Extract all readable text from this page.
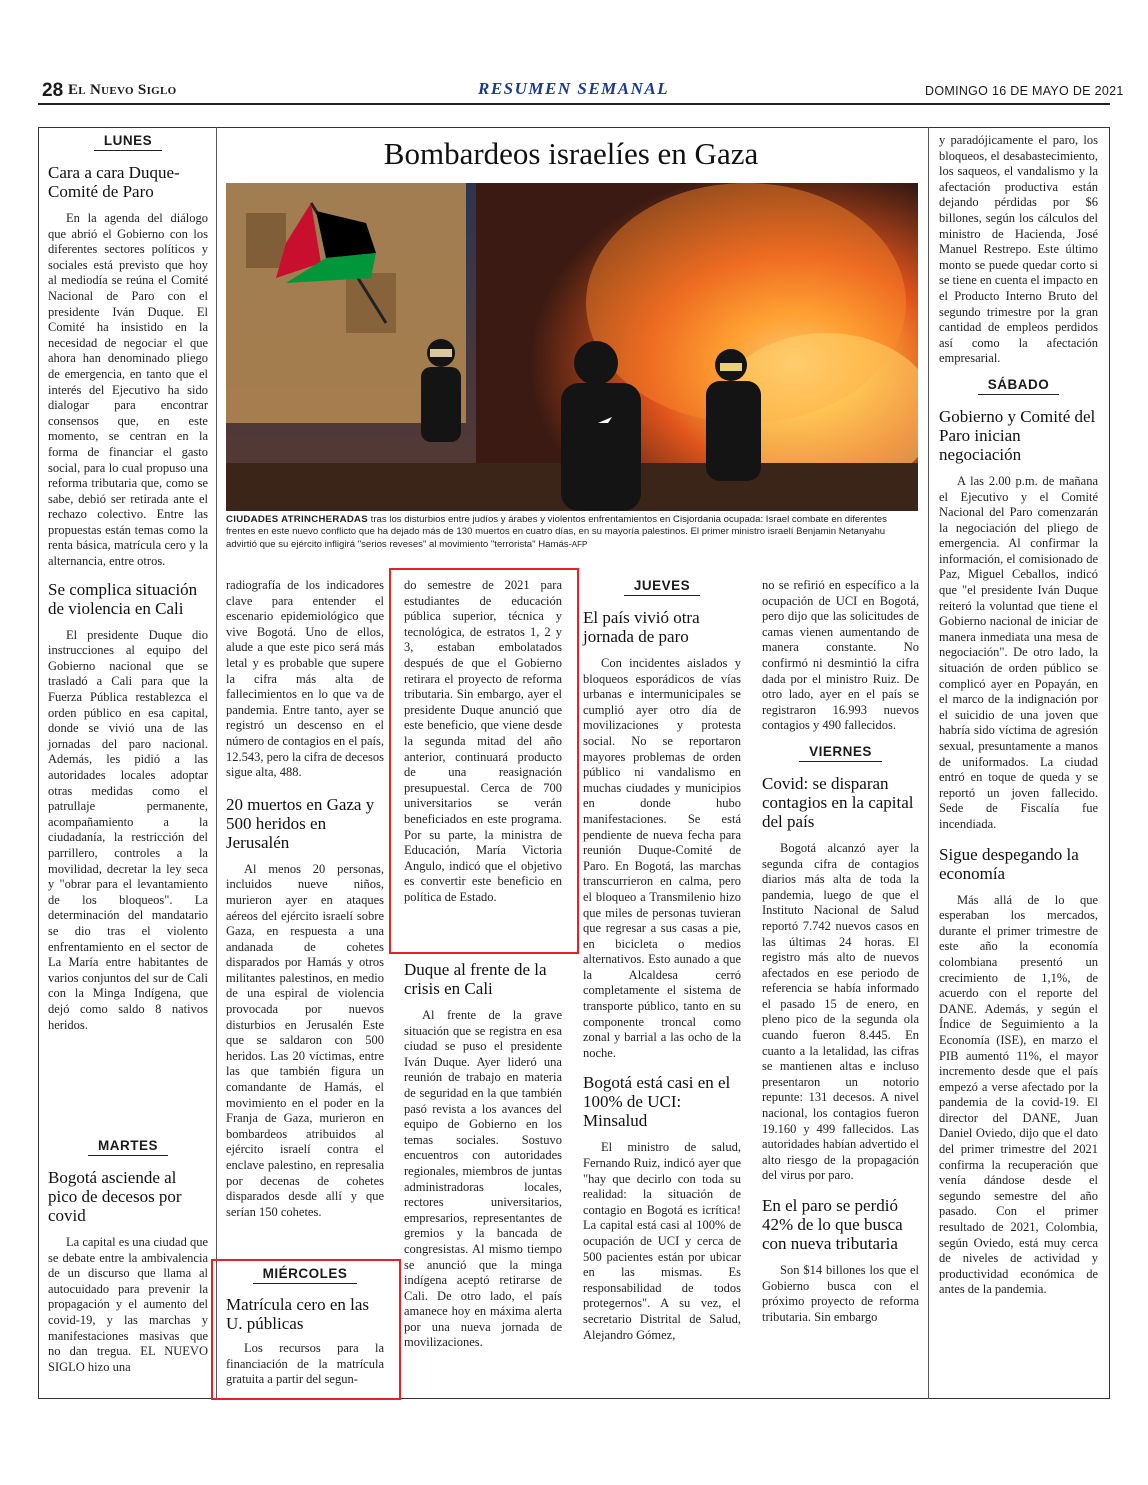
28 El Nuevo Siglo	RESUMEN SEMANAL	DOMINGO 16 DE MAYO DE 2021
LUNES
Cara a cara Duque-Comité de Paro

En la agenda del diálogo que abrió el Gobierno con los diferentes sectores políticos y sociales está previsto que hoy al mediodía se reúna el Comité Nacional de Paro con el presidente Iván Duque. El Comité ha insistido en la necesidad de negociar el que ahora han denominado pliego de emergencia, en tanto que el interés del Ejecutivo ha sido dialogar para encontrar consensos que, en este momento, se centran en la forma de financiar el gasto social, para lo cual propuso una reforma tributaria que, como se sabe, debió ser retirada ante el rechazo colectivo. Entre las propuestas están temas como la renta básica, matrícula cero y la alternancia, entre otros.

Se complica situación de violencia en Cali

El presidente Duque dio instrucciones al equipo del Gobierno nacional que se trasladó a Cali para que la Fuerza Pública restablezca el orden público en esa capital, donde se vivió una de las jornadas del paro nacional. Además, les pidió a las autoridades locales adoptar otras medidas como el patrullaje permanente, acompañamiento a la ciudadanía, la restricción del parrillero, controles a la movilidad, decretar la ley seca y "obrar para el levantamiento de los bloqueos". La determinación del mandatario se dio tras el violento enfrentamiento en el sector de La María entre habitantes de varios conjuntos del sur de Cali con la Minga Indígena, que dejó como saldo 8 nativos heridos.

MARTES
Bogotá asciende al pico de decesos por covid

La capital es una ciudad que se debate entre la ambivalencia de un discurso que llama al autocuidado para prevenir la propagación y el aumento del covid-19, y las marchas y manifestaciones masivas que no dan tregua. EL NUEVO SIGLO hizo una

Bombardeos israelíes en Gaza
CIUDADES ATRINCHERADAS tras los disturbios entre judíos y árabes y violentos enfrentamientos en Cisjordania ocupada: Israel combate en diferentes frentes en este nuevo conflicto que ha dejado más de 130 muertos en cuatro días, en su mayoría palestinos. El primer ministro israelí Benjamin Netanyahu advirtió que su ejército infligirá "serios reveses" al movimiento "terrorista" Hamás-AFP
radiografía de los indicadores clave para entender el escenario epidemiológico que vive Bogotá. Uno de ellos, alude a que este pico será más letal y es probable que supere la cifra más alta de fallecimientos en lo que va de pandemia. Entre tanto, ayer se registró un descenso en el número de contagios en el país, 12.543, pero la cifra de decesos sigue alta, 488.
20 muertos en Gaza y 500 heridos en Jerusalén

Al menos 20 personas, incluidos nueve niños, murieron ayer en ataques aéreos del ejército israelí sobre Gaza, en respuesta a una andanada de cohetes disparados por Hamás y otros militantes palestinos, en medio de una espiral de violencia provocada por nuevos disturbios en Jerusalén Este que se saldaron con 500 heridos. Las 20 víctimas, entre las que también figura un comandante de Hamás, el movimiento en el poder en la Franja de Gaza, murieron en bombardeos atribuidos al ejército israelí contra el enclave palestino, en represalia por decenas de cohetes disparados desde allí y que serían 150 cohetes.

MIÉRCOLES
Matrícula cero en las U. públicas

Los recursos para la financiación de la matrícula gratuita a partir del segun-

do semestre de 2021 para estudiantes de educación pública superior, técnica y tecnológica, de estratos 1, 2 y 3, estaban embolatados después de que el Gobierno retirara el proyecto de reforma tributaria. Sin embargo, ayer el presidente Duque anunció que este beneficio, que viene desde la segunda mitad del año anterior, continuará producto de una reasignación presupuestal. Cerca de 700 universitarios se verán beneficiados en este programa. Por su parte, la ministra de Educación, María Victoria Angulo, indicó que el objetivo es convertir este beneficio en política de Estado.
Duque al frente de la crisis en Cali

Al frente de la grave situación que se registra en esa ciudad se puso el presidente Iván Duque. Ayer lideró una reunión de trabajo en materia de seguridad en la que también pasó revista a los avances del equipo de Gobierno en los temas sociales. Sostuvo encuentros con autoridades regionales, miembros de juntas administradoras locales, rectores universitarios, empresarios, representantes de gremios y la bancada de congresistas. Al mismo tiempo se anunció que la minga indígena aceptó retirarse de Cali. De otro lado, el país amanece hoy en máxima alerta por una nueva jornada de movilizaciones.

JUEVES
El país vivió otra jornada de paro

Con incidentes aislados y bloqueos esporádicos de vías urbanas e intermunicipales se cumplió ayer otro día de movilizaciones y protesta social. No se reportaron mayores problemas de orden público ni vandalismo en muchas ciudades y municipios en donde hubo manifestaciones. Se está pendiente de nueva fecha para reunión Duque-Comité de Paro. En Bogotá, las marchas transcurrieron en calma, pero el bloqueo a Transmilenio hizo que miles de personas tuvieran que regresar a sus casas a pie, en bicicleta o medios alternativos. Esto aunado a que la Alcaldesa cerró completamente el sistema de transporte público, tanto en su componente troncal como zonal y barrial a las ocho de la noche.

Bogotá está casi en el 100% de UCI: Minsalud

El ministro de salud, Fernando Ruiz, indicó ayer que "hay que decirlo con toda su realidad: la situación de contagio en Bogotá es icrítica! La capital está casi al 100% de ocupación de UCI y cerca de 500 pacientes están por ubicar en las mismas. Es responsabilidad de todos protegernos". A su vez, el secretario Distrital de Salud, Alejandro Gómez,

no se refirió en específico a la ocupación de UCI en Bogotá, pero dijo que las solicitudes de camas vienen aumentando de manera constante. No confirmó ni desmintió la cifra dada por el ministro Ruiz. De otro lado, ayer en el país se registraron 16.993 nuevos contagios y 490 fallecidos.
VIERNES
Covid: se disparan contagios en la capital del país

Bogotá alcanzó ayer la segunda cifra de contagios diarios más alta de toda la pandemia, luego de que el Instituto Nacional de Salud reportó 7.742 nuevos casos en las últimas 24 horas. El registro más alto de nuevos afectados en ese periodo de referencia se había informado el pasado 15 de enero, en pleno pico de la segunda ola cuando fueron 8.445. En cuanto a la letalidad, las cifras se mantienen altas e incluso presentaron un notorio repunte: 131 decesos. A nivel nacional, los contagios fueron 19.160 y 499 fallecidos. Las autoridades habían advertido el alto riesgo de la propagación del virus por paro.

En el paro se perdió 42% de lo que busca con nueva tributaria

Son $14 billones los que el Gobierno busca con el próximo proyecto de reforma tributaria. Sin embargo

y paradójicamente el paro, los bloqueos, el desabastecimiento, los saqueos, el vandalismo y la afectación productiva están dejando pérdidas por $6 billones, según los cálculos del ministro de Hacienda, José Manuel Restrepo. Este último monto se puede quedar corto si se tiene en cuenta el impacto en el Producto Interno Bruto del segundo trimestre por la gran cantidad de empleos perdidos así como la afectación empresarial.
SÁBADO
Gobierno y Comité del Paro inician negociación

A las 2.00 p.m. de mañana el Ejecutivo y el Comité Nacional del Paro comenzarán la negociación del pliego de emergencia. Al confirmar la información, el comisionado de Paz, Miguel Ceballos, indicó que "el presidente Iván Duque reiteró la voluntad que tiene el Gobierno nacional de iniciar de manera inmediata una mesa de negociación". De otro lado, la situación de orden público se complicó ayer en Popayán, en el marco de la indignación por el suicidio de una joven que habría sido víctima de agresión sexual, presuntamente a manos de uniformados. La ciudad entró en toque de queda y se reportó un joven fallecido. Sede de Fiscalía fue incendiada.

Sigue despegando la economía

Más allá de lo que esperaban los mercados, durante el primer trimestre de este año la economía colombiana presentó un crecimiento de 1,1%, de acuerdo con el reporte del DANE. Además, y según el Índice de Seguimiento a la Economía (ISE), en marzo el PIB aumentó 11%, el mayor incremento desde que el país empezó a verse afectado por la pandemia de la covid-19. El director del DANE, Juan Daniel Oviedo, dijo que el dato del primer trimestre del 2021 confirma la recuperación que venía dándose desde el segundo semestre del año pasado. Con el primer resultado de 2021, Colombia, según Oviedo, está muy cerca de niveles de actividad y productividad económica de antes de la pandemia.
